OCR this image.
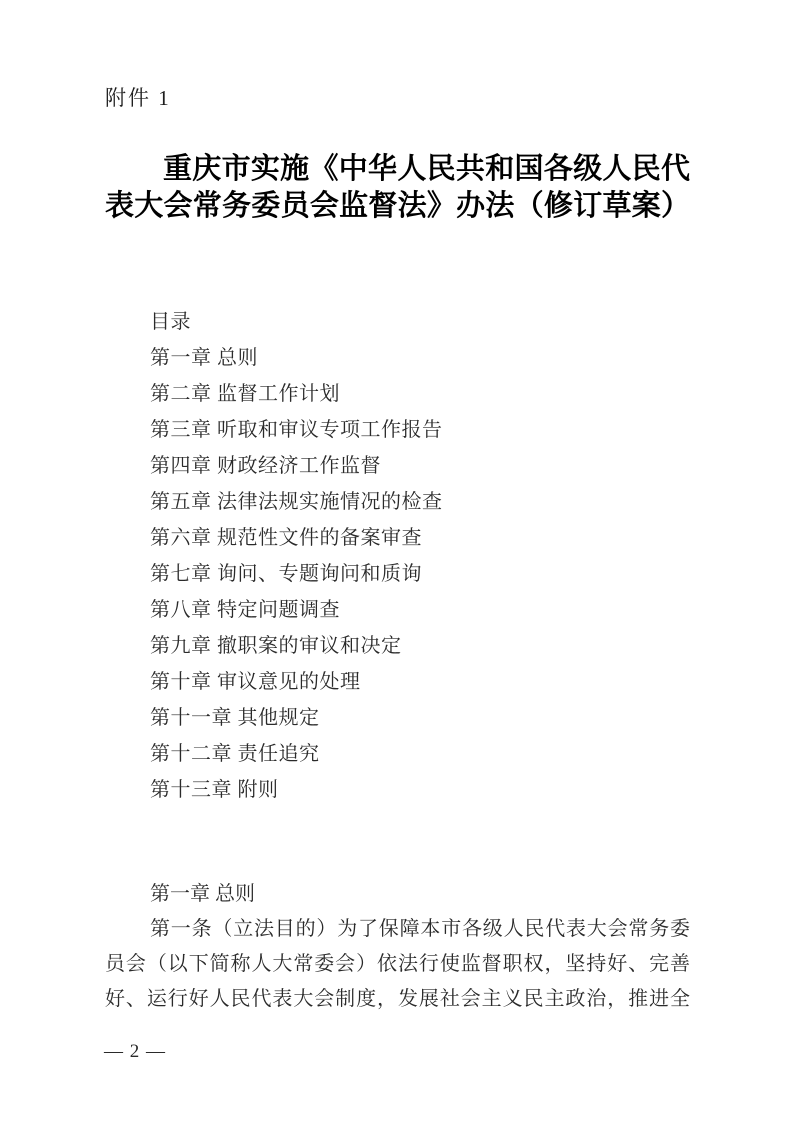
附件 1
重庆市实施《中华人民共和国各级人民代
表大会常务委员会监督法》办法（修订草案）
目录
第一章 总则
第二章 监督工作计划
第三章 听取和审议专项工作报告
第四章 财政经济工作监督
第五章 法律法规实施情况的检查
第六章 规范性文件的备案审查
第七章 询问、专题询问和质询
第八章 特定问题调查
第九章 撤职案的审议和决定
第十章 审议意见的处理
第十一章 其他规定
第十二章 责任追究
第十三章 附则
第一章 总则
第一条（立法目的）为了保障本市各级人民代表大会常务委
员会（以下简称人大常委会）依法行使监督职权，坚持好、完善
好、运行好人民代表大会制度，发展社会主义民主政治，推进全
— 2 —
